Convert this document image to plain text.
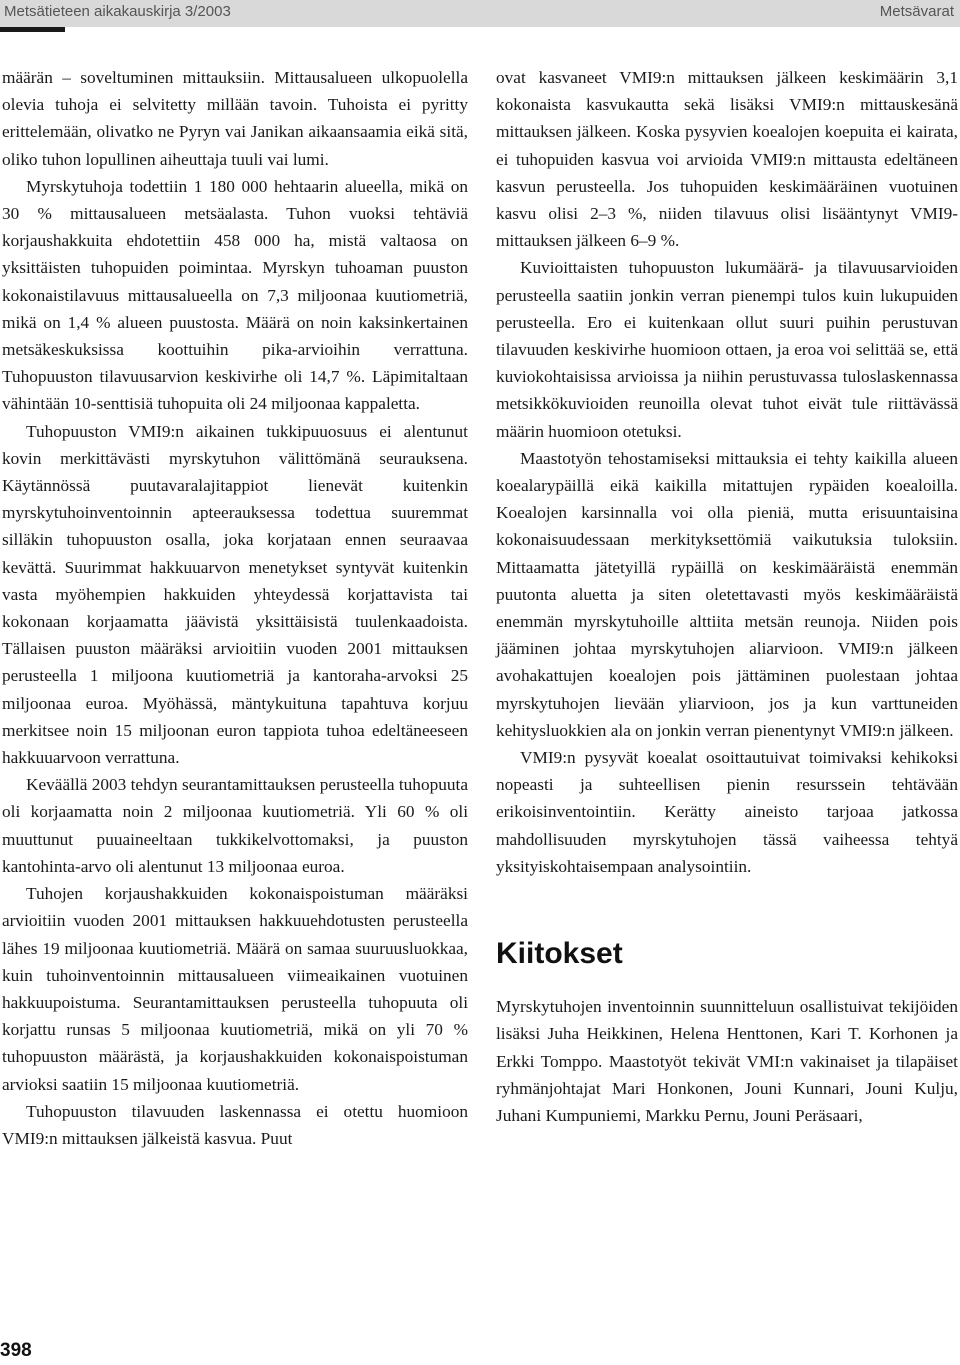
Metsätieteen aikakauskirja 3/2003	Metsävarat

määrän – soveltuminen mittauksiin. Mittausalueen ulkopuolella olevia tuhoja ei selvitetty millään tavoin. Tuhoista ei pyritty erittelemään, olivatko ne Pyryn vai Janikan aikaansaamia eikä sitä, oliko tuhon lopullinen aiheuttaja tuuli vai lumi.

Myrskytuhoja todettiin 1 180 000 hehtaarin alueella, mikä on 30 % mittausalueen metsäalasta. Tuhon vuoksi tehtäviä korjaushakkuita ehdotettiin 458 000 ha, mistä valtaosa on yksittäisten tuhopuiden poimintaa. Myrskyn tuhoaman puuston kokonaistilavuus mittausalueella on 7,3 miljoonaa kuutiometriä, mikä on 1,4 % alueen puustosta. Määrä on noin kaksinkertainen metsäkeskuksissa koottuihin pika-arvioihin verrattuna. Tuhopuuston tilavuusarvion keskivirhe oli 14,7 %. Läpimitaltaan vähintään 10-senttisiä tuhopuita oli 24 miljoonaa kappaletta.

Tuhopuuston VMI9:n aikainen tukkipuuosuus ei alentunut kovin merkittävästi myrskytuhon välittömänä seurauksena. Käytännössä puutavaralajitappiot lienevät kuitenkin myrskytuhoinventoinnin apteerauksessa todettua suuremmat silläkin tuhopuuston osalla, joka korjataan ennen seuraavaa kevättä. Suurimmat hakkuuarvon menetykset syntyvät kuitenkin vasta myöhempien hakkuiden yhteydessä korjattavista tai kokonaan korjaamatta jäävistä yksittäisistä tuulenkaadoista. Tällaisen puuston määräksi arvioitiin vuoden 2001 mittauksen perusteella 1 miljoona kuutiometriä ja kantoraha-arvoksi 25 miljoonaa euroa. Myöhässä, mäntykuituna tapahtuva korjuu merkitsee noin 15 miljoonan euron tappiota tuhoa edeltäneeseen hakkuuarvoon verrattuna.

Keväällä 2003 tehdyn seurantamittauksen perusteella tuhopuuta oli korjaamatta noin 2 miljoonaa kuutiometriä. Yli 60 % oli muuttunut puuaineeltaan tukkikelvottomaksi, ja puuston kantohinta-arvo oli alentunut 13 miljoonaa euroa.

Tuhojen korjaushakkuiden kokonaispoistuman määräksi arvioitiin vuoden 2001 mittauksen hakkuuehdotusten perusteella lähes 19 miljoonaa kuutiometriä. Määrä on samaa suuruusluokkaa, kuin tuhoinventoinnin mittausalueen viimeaikainen vuotuinen hakkuupoistuma. Seurantamittauksen perusteella tuhopuuta oli korjattu runsas 5 miljoonaa kuutiometriä, mikä on yli 70 % tuhopuuston määrästä, ja korjaushakkuiden kokonaispoistuman arvioksi saatiin 15 miljoonaa kuutiometriä.

Tuhopuuston tilavuuden laskennassa ei otettu huomioon VMI9:n mittauksen jälkeistä kasvua. Puut

ovat kasvaneet VMI9:n mittauksen jälkeen keskimäärin 3,1 kokonaista kasvukautta sekä lisäksi VMI9:n mittauskesänä mittauksen jälkeen. Koska pysyvien koealojen koepuita ei kairata, ei tuhopuiden kasvua voi arvioida VMI9:n mittausta edeltäneen kasvun perusteella. Jos tuhopuiden keskimääräinen vuotuinen kasvu olisi 2–3 %, niiden tilavuus olisi lisääntynyt VMI9-mittauksen jälkeen 6–9 %.

Kuvioittaisten tuhopuuston lukumäärä- ja tilavuusarvioiden perusteella saatiin jonkin verran pienempi tulos kuin lukupuiden perusteella. Ero ei kuitenkaan ollut suuri puihin perustuvan tilavuuden keskivirhe huomioon ottaen, ja eroa voi selittää se, että kuviokohtaisissa arvioissa ja niihin perustuvassa tuloslaskennassa metsikkökuvioiden reunoilla olevat tuhot eivät tule riittävässä määrin huomioon otetuksi.

Maastotyön tehostamiseksi mittauksia ei tehty kaikilla alueen koealarypäillä eikä kaikilla mitattujen rypäiden koealoilla. Koealojen karsinnalla voi olla pieniä, mutta erisuuntaisina kokonaisuudessaan merkityksettömiä vaikutuksia tuloksiin. Mittaamatta jätetyillä rypäillä on keskimääräistä enemmän puutonta aluetta ja siten oletettavasti myös keskimääräistä enemmän myrskytuhoille alttiita metsän reunoja. Niiden pois jääminen johtaa myrskytuhojen aliarvioon. VMI9:n jälkeen avohakattujen koealojen pois jättäminen puolestaan johtaa myrskytuhojen lievään yliarvioon, jos ja kun varttuneiden kehitysluokkien ala on jonkin verran pienentynyt VMI9:n jälkeen.

VMI9:n pysyvät koealat osoittautuivat toimivaksi kehikoksi nopeasti ja suhteellisen pienin resurssein tehtävään erikoisinventointiin. Kerätty aineisto tarjoaa jatkossa mahdollisuuden myrskytuhojen tässä vaiheessa tehtyä yksityiskohtaisempaan analysointiin.

Kiitokset

Myrskytuhojen inventoinnin suunnitteluun osallistuivat tekijöiden lisäksi Juha Heikkinen, Helena Henttonen, Kari T. Korhonen ja Erkki Tomppo. Maastotyöt tekivät VMI:n vakinaiset ja tilapäiset ryhmänjohtajat Mari Honkonen, Jouni Kunnari, Jouni Kulju, Juhani Kumpuniemi, Markku Pernu, Jouni Peräsaari,

398
